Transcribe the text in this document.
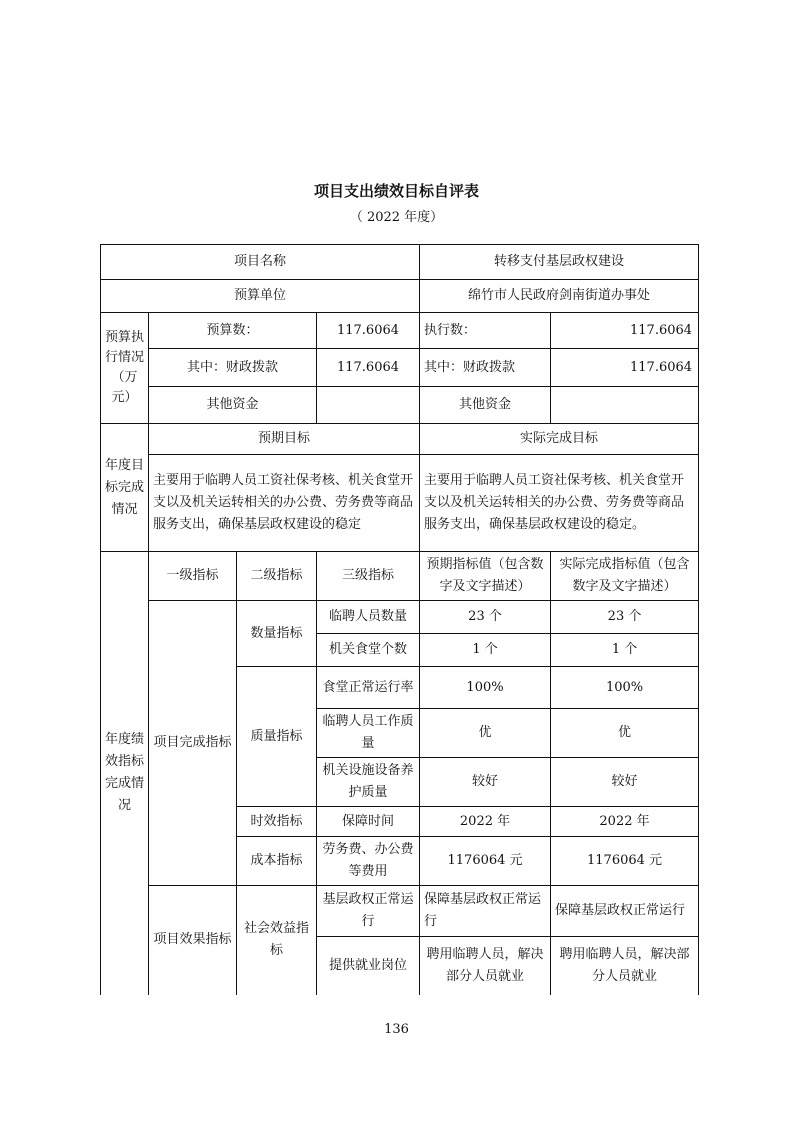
项目支出绩效目标自评表
（ 2022 年度）
项目名称				转移支付基层政权建设	
预算单位				绵竹市人民政府剑南街道办事处	
预算执行情况（万元）	预算数：		117.6064	执行数：	117.6064
	其中：财政拨款		117.6064	其中：财政拨款	117.6064
	其他资金			其他资金	
年度目标完成情况	预期目标			实际完成目标	
	主要用于临聘人员工资社保考核、机关食堂开支以及机关运转相关的办公费、劳务费等商品服务支出，确保基层政权建设的稳定			主要用于临聘人员工资社保考核、机关食堂开支以及机关运转相关的办公费、劳务费等商品服务支出，确保基层政权建设的稳定。	
年度绩效指标完成情况	一级指标	二级指标	三级指标	预期指标值（包含数字及文字描述）	实际完成指标值（包含数字及文字描述）
	项目完成指标	数量指标	临聘人员数量	23 个	23 个
			机关食堂个数	1 个	1 个
		质量指标	食堂正常运行率	100%	100%
			临聘人员工作质量	优	优
			机关设施设备养护质量	较好	较好
		时效指标	保障时间	2022 年	2022 年
		成本指标	劳务费、办公费等费用	1176064 元	1176064 元
	项目效果指标	社会效益指标	基层政权正常运行	保障基层政权正常运行	保障基层政权正常运行
			提供就业岗位	聘用临聘人员，解决部分人员就业	聘用临聘人员，解决部分人员就业
136
